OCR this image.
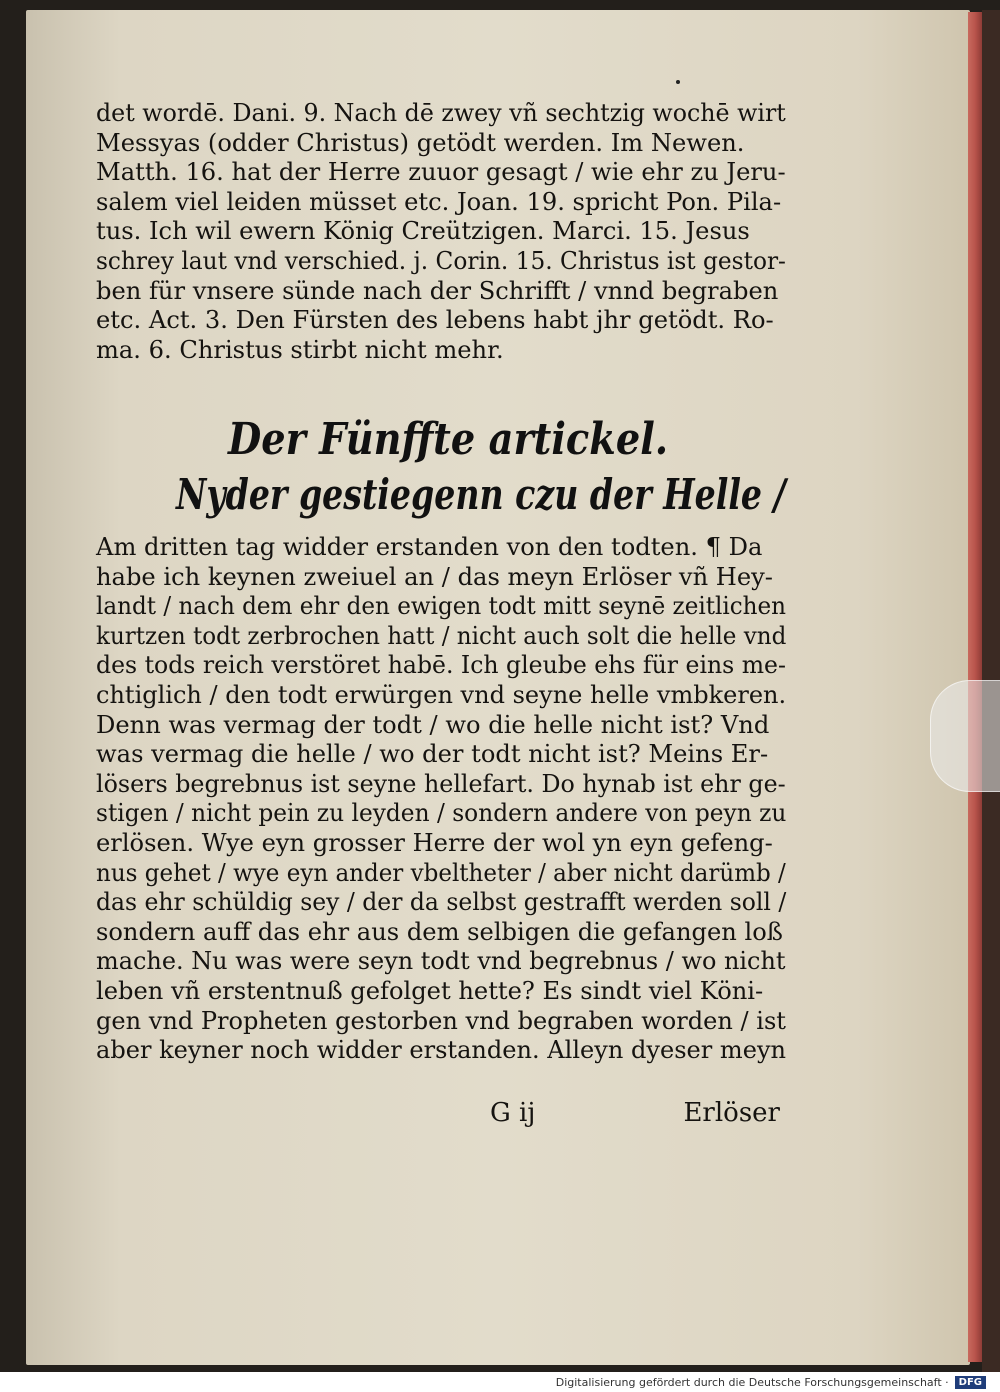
det wordē. Dani. 9. Nach dē zwey vñ sechtzig wochē wirt
Messyas (odder Christus) getödt werden. Im Newen.
Matth. 16. hat der Herre zuuor gesagt / wie ehr zu Jeru-
salem viel leiden müsset etc. Joan. 19. spricht Pon. Pila-
tus. Ich wil ewern König Creützigen. Marci. 15. Jesus
schrey laut vnd verschied. j. Corin. 15. Christus ist gestor-
ben für vnsere sünde nach der Schrifft / vnnd begraben
etc. Act. 3. Den Fürsten des lebens habt jhr getödt. Ro-
ma. 6. Christus stirbt nicht mehr.
Der Fünffte artickel.
Nyder gestiegenn czu der Helle /
Am dritten tag widder erstanden von den todten. ¶ Da
habe ich keynen zweiuel an / das meyn Erlöser vñ Hey-
landt / nach dem ehr den ewigen todt mitt seynē zeitlichen
kurtzen todt zerbrochen hatt / nicht auch solt die helle vnd
des tods reich verstöret habē. Ich gleube ehs für eins me-
chtiglich / den todt erwürgen vnd seyne helle vmbkeren.
Denn was vermag der todt / wo die helle nicht ist? Vnd
was vermag die helle / wo der todt nicht ist? Meins Er-
lösers begrebnus ist seyne hellefart. Do hynab ist ehr ge-
stigen / nicht pein zu leyden / sondern andere von peyn zu
erlösen. Wye eyn grosser Herre der wol yn eyn gefeng-
nus gehet / wye eyn ander vbeltheter / aber nicht darümb /
das ehr schüldig sey / der da selbst gestrafft werden soll /
sondern auff das ehr aus dem selbigen die gefangen loß
mache. Nu was were seyn todt vnd begrebnus / wo nicht
leben vñ erstentnuß gefolget hette? Es sindt viel Köni-
gen vnd Propheten gestorben vnd begraben worden / ist
aber keyner noch widder erstanden. Alleyn dyeser meyn
G ij	Erlöser
Digitalisierung gefördert durch die Deutsche Forschungsgemeinschaft ·	DFG
